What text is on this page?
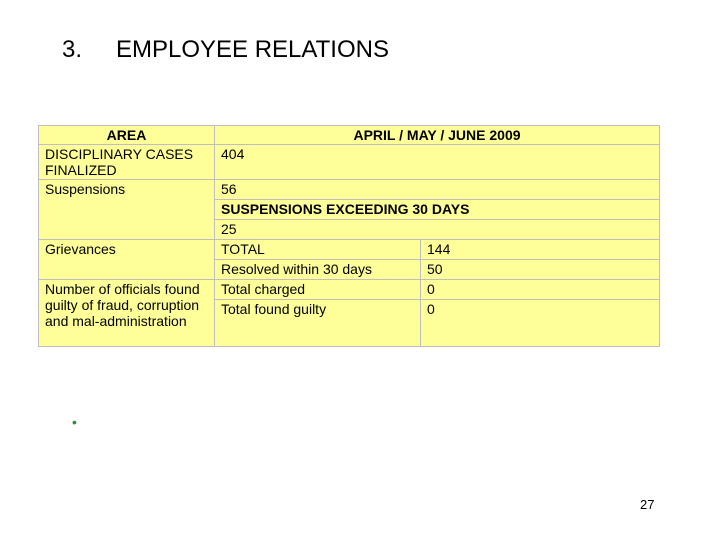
3. EMPLOYEE RELATIONS
AREA	APRIL / MAY / JUNE 2009	
DISCIPLINARY CASES FINALIZED	404	
Suspensions	56	
	SUSPENSIONS EXCEEDING 30 DAYS	
	25	
Grievances	TOTAL	144
	Resolved within 30 days	50
Number of officials found guilty of fraud, corruption and mal-administration	Total charged	0
	Total found guilty	0
•
27
